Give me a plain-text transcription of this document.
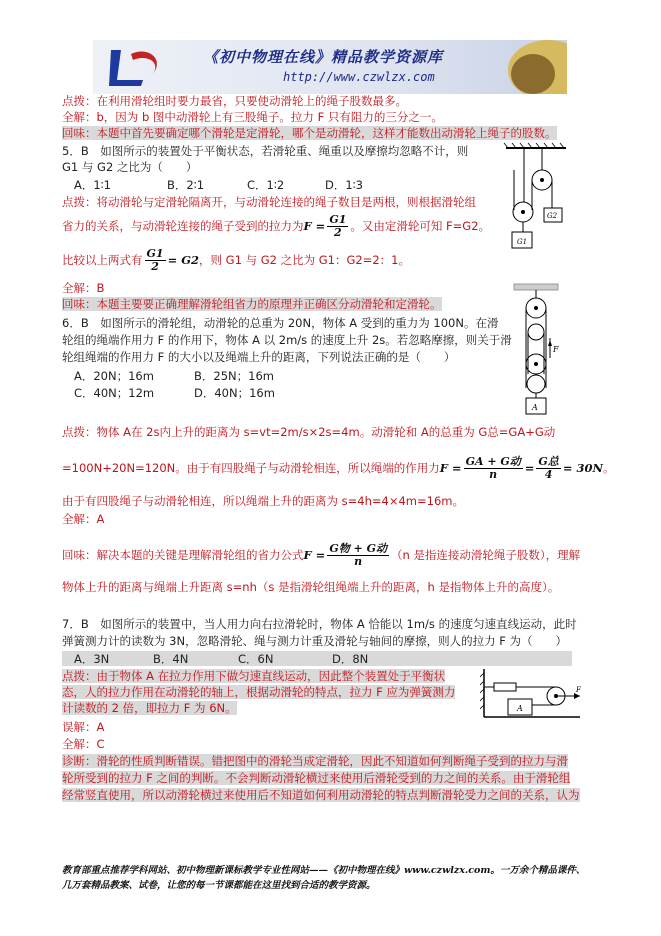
《初中物理在线》精品教学资源库
http://www.czwlzx.com
点拨：在利用滑轮组时要力最省，只要使动滑轮上的绳子股数最多。
全解：b，因为 b 图中动滑轮上有三股绳子。拉力 F 只有阻力的三分之一。
回味：本题中首先要确定哪个滑轮是定滑轮，哪个是动滑轮，这样才能数出动滑轮上绳子的股数。
5．B　如图所示的装置处于平衡状态，若滑轮重、绳重以及摩擦均忽略不计，则
G1 与 G2 之比为（　　）
A．1∶1	B．2∶1	C．1∶2	D．1∶3
点拨：将动滑轮与定滑轮隔离开，与动滑轮连接的绳子数目是两根，则根据滑轮组
省力的关系，与动滑轮连接的绳子受到的拉力为$F = \frac{G1}{2}$ 。又由定滑轮可知 F=G2。
比较以上两式有 $\frac{G1}{2} = G2$，则 G1 与 G2 之比为 G1：G2=2：1。
全解：B
回味：本题主要要正确理解滑轮组省力的原理并正确区分动滑轮和定滑轮。
6．B　如图所示的滑轮组，动滑轮的总重为 20N，物体 A 受到的重力为 100N。在滑
轮组的绳端作用力 F 的作用下，物体 A 以 2m/s 的速度上升 2s。若忽略摩擦，则关于滑
轮组绳端的作用力 F 的大小以及绳端上升的距离，下列说法正确的是（　　）
A．20N；16m	B．25N；16m
C．40N；12m	D．40N；16m
点拨：物体 A在 2s内上升的距离为 s=vt=2m/s×2s=4m。动滑轮和 A的总重为 G总=GA+G动
=100N+20N=120N。由于有四股绳子与动滑轮相连，所以绳端的作用力$F = \frac{\text{GA + G动}}{n} = \frac{\text{G总}}{4} = 30N$。
由于有四股绳子与动滑轮相连，所以绳端上升的距离为 s=4h=4×4m=16m。
全解：A
回味：解决本题的关键是理解滑轮组的省力公式$F = \frac{\text{G物 + G动}}{n} (n$ 是指连接动滑轮绳子股数），理解
物体上升的距离与绳端上升距离 s=nh（s 是指滑轮组绳端上升的距离，h 是指物体上升的高度）。
7．B　如图所示的装置中，当人用力向右拉滑轮时，物体 A 恰能以 1m/s 的速度匀速直线运动，此时
弹簧测力计的读数为 3N，忽略滑轮、绳与测力计重及滑轮与轴间的摩擦，则人的拉力 F 为（　　）
A．3N	B．4N	C．6N	D．8N
点拨：由于物体 A 在拉力作用下做匀速直线运动，因此整个装置处于平衡状
态，人的拉力作用在动滑轮的轴上，根据动滑轮的特点，拉力 F 应为弹簧测力
计读数的 2 倍，即拉力 F 为 6N。
误解：A
全解：C
诊断：滑轮的性质判断错误。错把图中的滑轮当成定滑轮，因此不知道如何判断绳子受到的拉力与滑
轮所受到的拉力 F 之间的判断。不会判断动滑轮横过来使用后滑轮受到的力之间的关系。由于滑轮组
经常竖直使用，所以动滑轮横过来使用后不知道如何利用动滑轮的特点判断滑轮受力之间的关系，认为
G1
G2
F
A
A
F
教育部重点推荐学科网站、初中物理新课标教学专业性网站——《初中物理在线》www.czwlzx.com。一万余个精品课件、
几万套精品教案、试卷，让您的每一节课都能在这里找到合适的教学资源。
